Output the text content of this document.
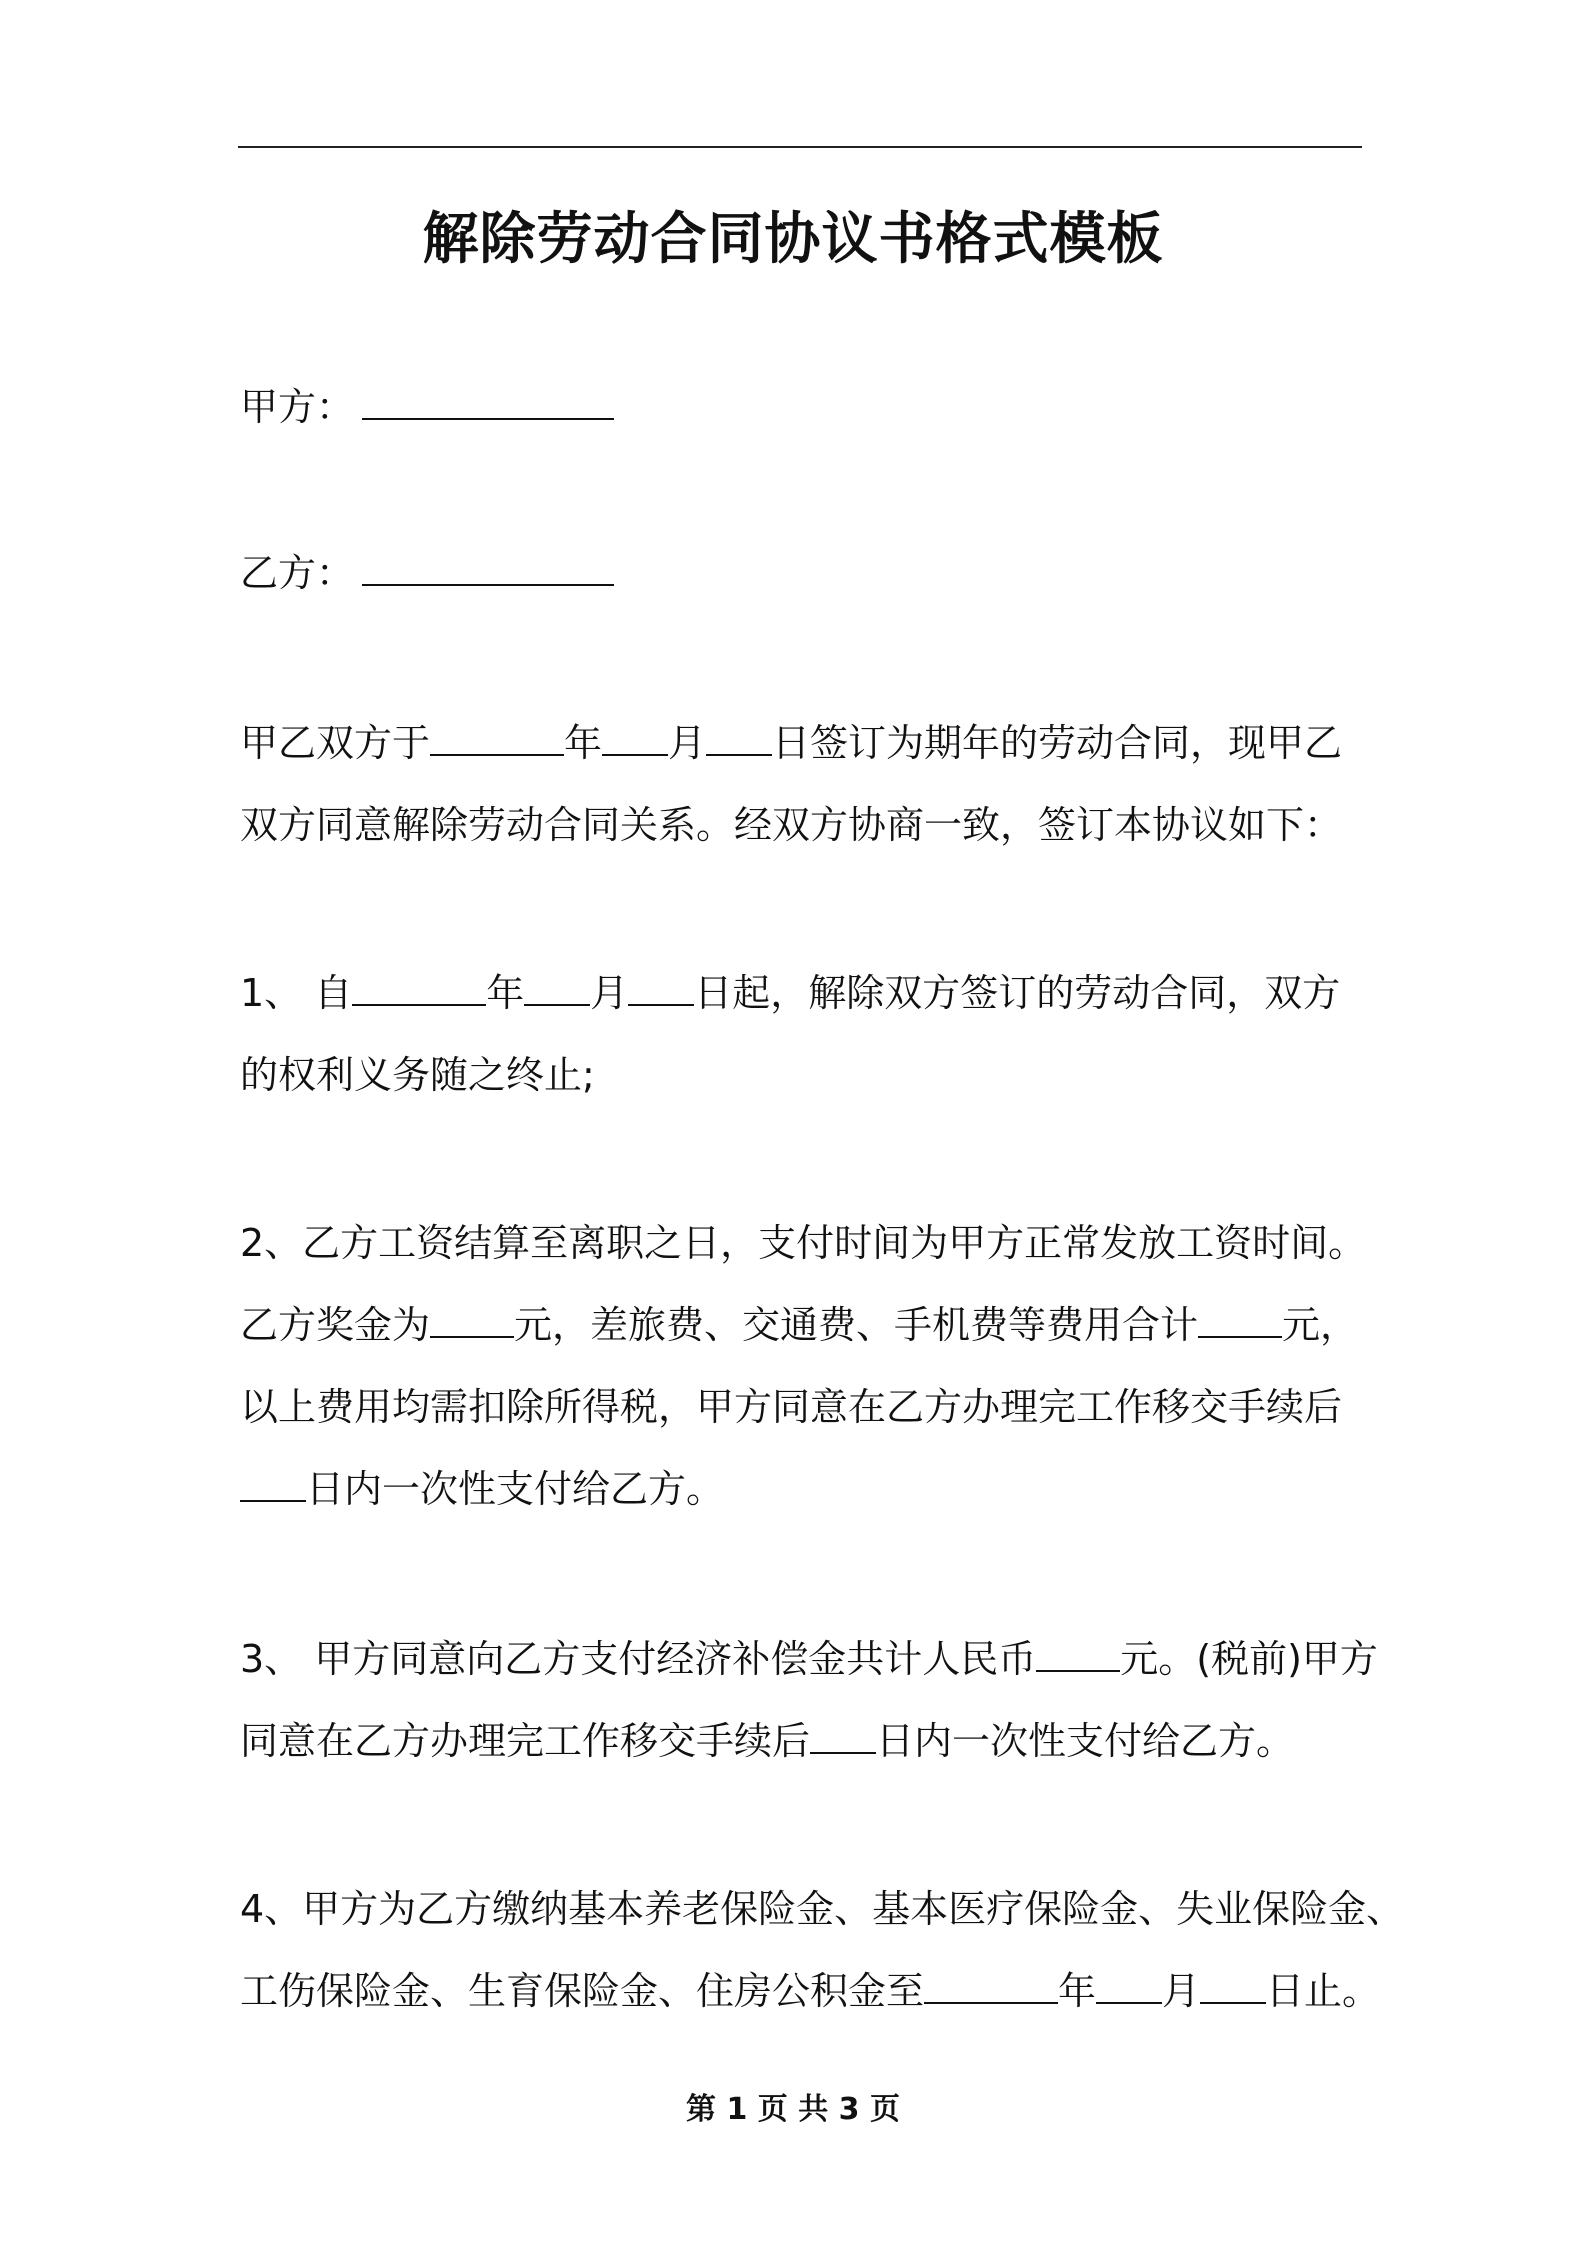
解除劳动合同协议书格式模板
甲方：
乙方：
甲乙双方于	年 月 日签订为期年的劳动合同，现甲乙
双方同意解除劳动合同关系。经双方协商一致，签订本协议如下：
1、 自	年 月 日起，解除双方签订的劳动合同，双方
的权利义务随之终止;
2、乙方工资结算至离职之日，支付时间为甲方正常发放工资时间。
乙方奖金为 元，差旅费、交通费、手机费等费用合计 元，
以上费用均需扣除所得税，甲方同意在乙方办理完工作移交手续后
日内一次性支付给乙方。
3、 甲方同意向乙方支付经济补偿金共计人民币 元。(税前)甲方
同意在乙方办理完工作移交手续后 日内一次性支付给乙方。
4、甲方为乙方缴纳基本养老保险金、基本医疗保险金、失业保险金、
工伤保险金、生育保险金、住房公积金至	年 月 日止。
第 1 页 共 3 页
